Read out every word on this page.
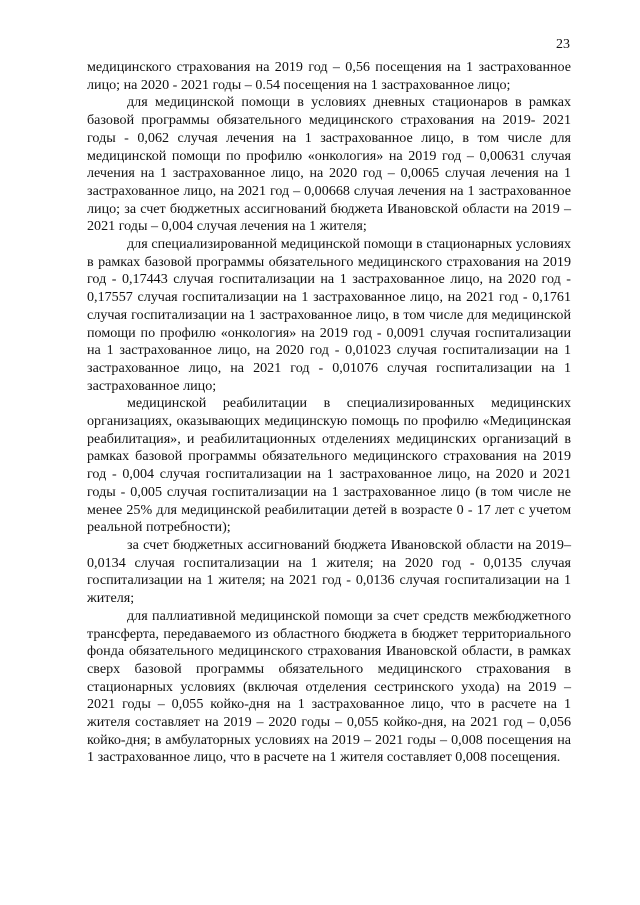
23

медицинского страхования на 2019 год – 0,56 посещения на 1 застрахованное лицо; на 2020 - 2021 годы – 0.54 посещения на 1 застрахованное лицо;

для медицинской помощи в условиях дневных стационаров в рамках базовой программы обязательного медицинского страхования на 2019- 2021 годы - 0,062 случая лечения на 1 застрахованное лицо, в том числе для медицинской помощи по профилю «онкология» на 2019 год – 0,00631 случая лечения на 1 застрахованное лицо, на 2020 год – 0,0065 случая лечения на 1 застрахованное лицо, на 2021 год – 0,00668 случая лечения на 1 застрахованное лицо; за счет бюджетных ассигнований бюджета Ивановской области на 2019 – 2021 годы – 0,004 случая лечения на 1 жителя;

для специализированной медицинской помощи в стационарных условиях в рамках базовой программы обязательного медицинского страхования на 2019 год - 0,17443 случая госпитализации на 1 застрахованное лицо, на 2020 год - 0,17557 случая госпитализации на 1 застрахованное лицо, на 2021 год - 0,1761 случая госпитализации на 1 застрахованное лицо, в том числе для медицинской помощи по профилю «онкология» на 2019 год - 0,0091 случая госпитализации на 1 застрахованное лицо, на 2020 год - 0,01023 случая госпитализации на 1 застрахованное лицо, на 2021 год - 0,01076 случая госпитализации на 1 застрахованное лицо;

медицинской реабилитации в специализированных медицинских организациях, оказывающих медицинскую помощь по профилю «Медицинская реабилитация», и реабилитационных отделениях медицинских организаций в рамках базовой программы обязательного медицинского страхования на 2019 год - 0,004 случая госпитализации на 1 застрахованное лицо, на 2020 и 2021 годы - 0,005 случая госпитализации на 1 застрахованное лицо (в том числе не менее 25% для медицинской реабилитации детей в возрасте 0 - 17 лет с учетом реальной потребности);

за счет бюджетных ассигнований бюджета Ивановской области на 2019–0,0134 случая госпитализации на 1 жителя; на 2020 год - 0,0135 случая госпитализации на 1 жителя; на 2021 год - 0,0136 случая госпитализации на 1 жителя;

для паллиативной медицинской помощи за счет средств межбюджетного трансферта, передаваемого из областного бюджета в бюджет территориального фонда обязательного медицинского страхования Ивановской области, в рамках сверх базовой программы обязательного медицинского страхования в стационарных условиях (включая отделения сестринского ухода) на 2019 – 2021 годы – 0,055 койко-дня на 1 застрахованное лицо, что в расчете на 1 жителя составляет на 2019 – 2020 годы – 0,055 койко-дня, на 2021 год – 0,056 койко-дня; в амбулаторных условиях на 2019 – 2021 годы – 0,008 посещения на 1 застрахованное лицо, что в расчете на 1 жителя составляет 0,008 посещения.
